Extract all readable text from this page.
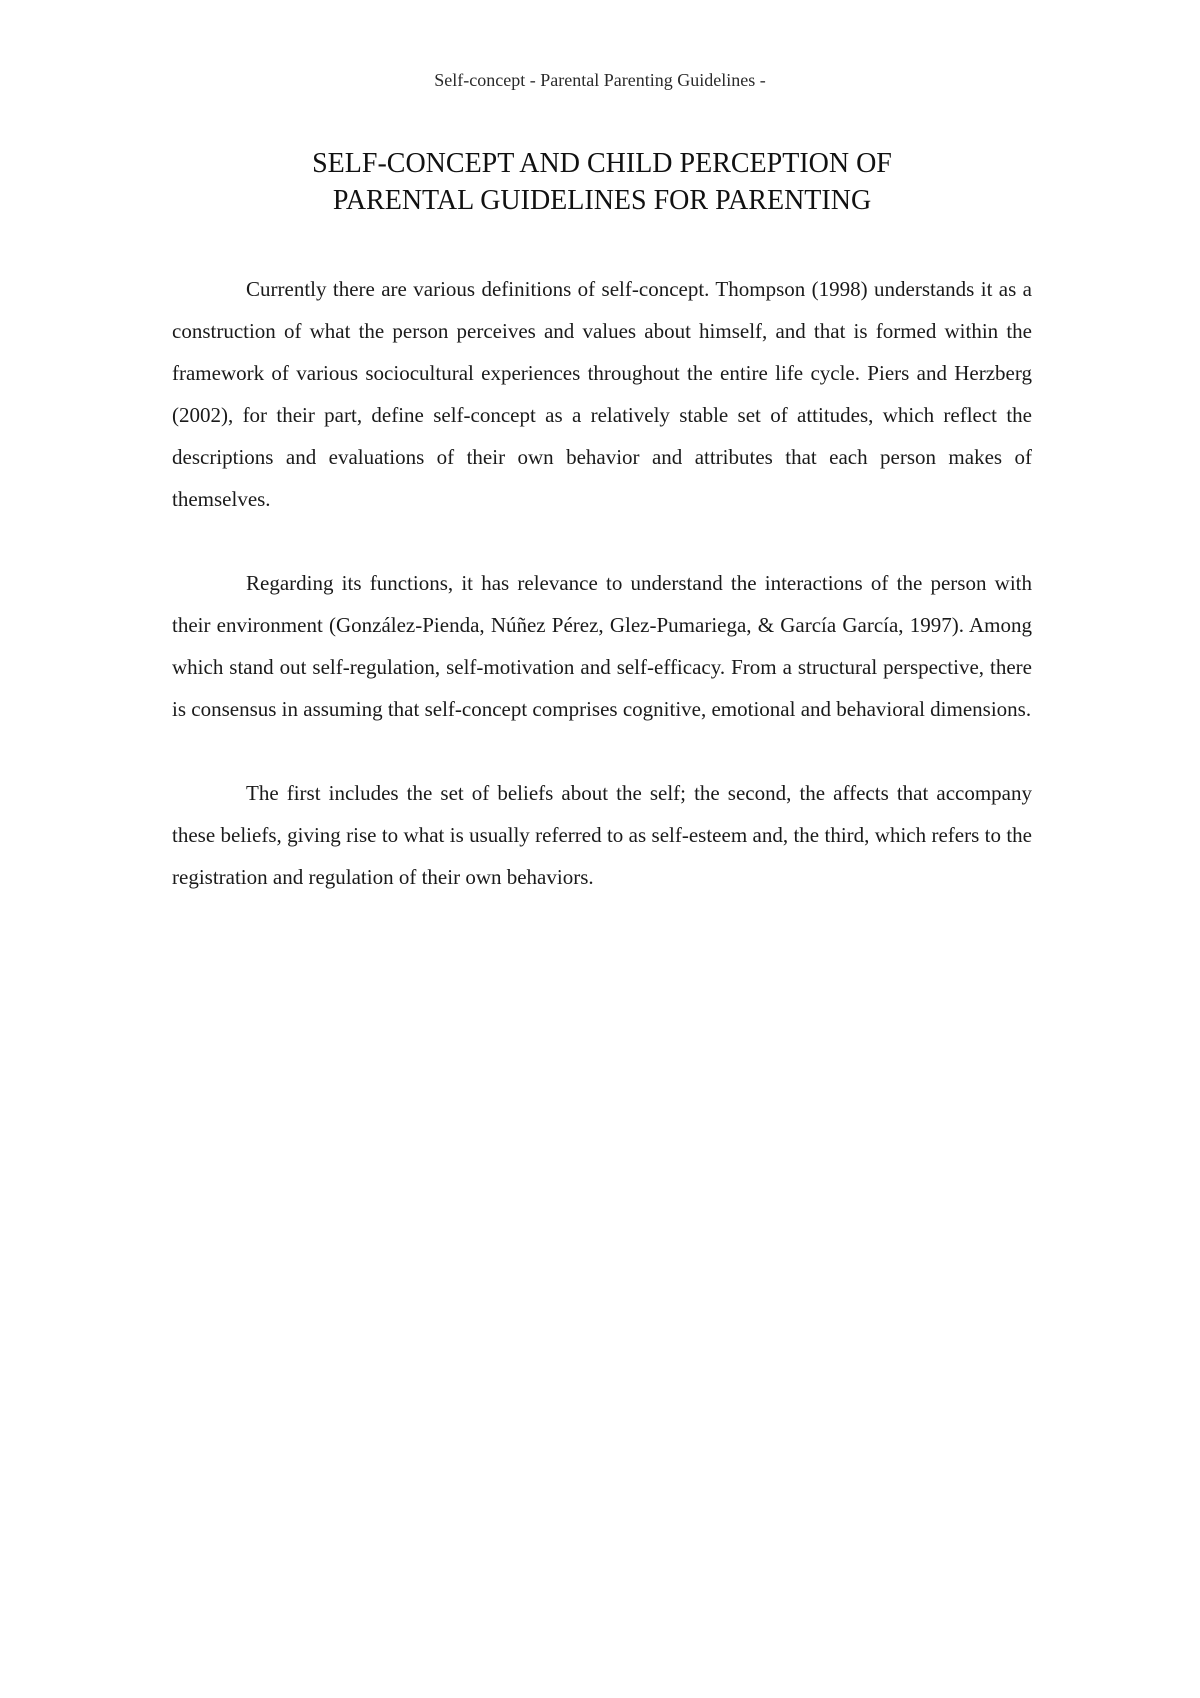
Self-concept - Parental Parenting Guidelines -
SELF-CONCEPT AND CHILD PERCEPTION OF
PARENTAL GUIDELINES FOR PARENTING

Currently there are various definitions of self-concept. Thompson (1998) understands it as a construction of what the person perceives and values about himself, and that is formed within the framework of various sociocultural experiences throughout the entire life cycle. Piers and Herzberg (2002), for their part, define self-concept as a relatively stable set of attitudes, which reflect the descriptions and evaluations of their own behavior and attributes that each person makes of themselves.

Regarding its functions, it has relevance to understand the interactions of the person with their environment (González-Pienda, Núñez Pérez, Glez-Pumariega, & García García, 1997). Among which stand out self-regulation, self-motivation and self-efficacy. From a structural perspective, there is consensus in assuming that self-concept comprises cognitive, emotional and behavioral dimensions.

The first includes the set of beliefs about the self; the second, the affects that accompany these beliefs, giving rise to what is usually referred to as self-esteem and, the third, which refers to the registration and regulation of their own behaviors.
